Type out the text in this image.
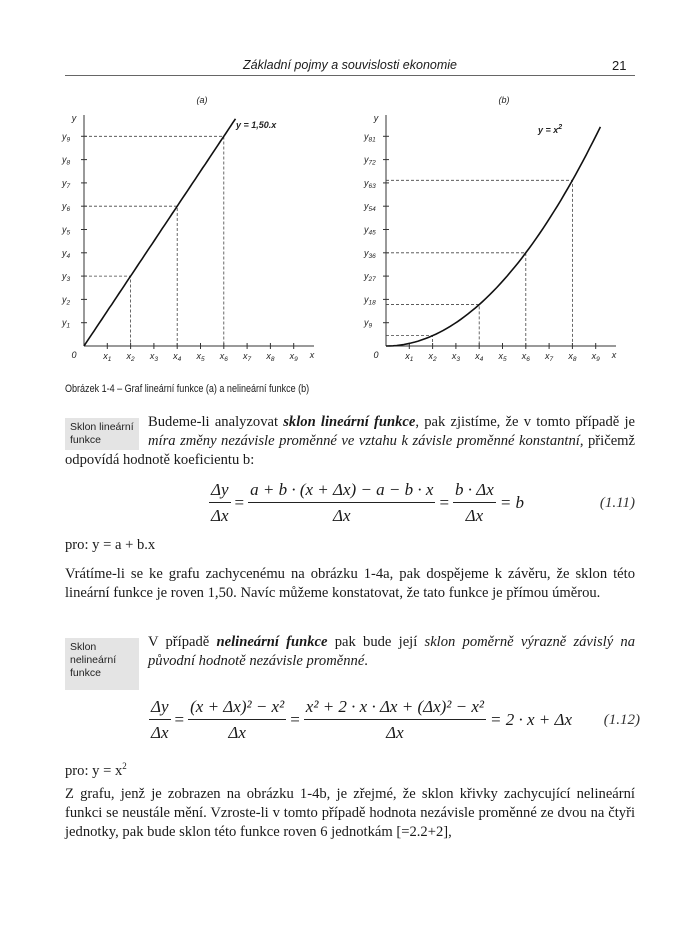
Základní pojmy a souvislosti ekonomie	21
(a)
y
x
0	$x_1$ $x_2$ $x_3$ $x_4$ $x_5$ $x_6$ $x_7$ $x_8$ $x_9$
$y_1$
$y_2$
$y_3$
$y_4$
$y_5$
$y_6$
$y_7$
$y_8$
$y_9$
y = 1,50.x
(b)
y
x
0	$x_1$ $x_2$ $x_3$ $x_4$ $x_5$ $x_6$ $x_7$ $x_8$ $x_9$
$y_9$
$y_{18}$
$y_{27}$
$y_{36}$
$y_{45}$
$y_{54}$
$y_{63}$
$y_{72}$
$y_{81}$
$y = x^2$
Obrázek 1-4 – Graf lineární funkce (a) a nelineární funkce (b)
Sklon lineární funkce
Budeme-li analyzovat sklon lineární funkce, pak zjistíme, že v tomto případě je míra změny nezávisle proměnné ve vztahu k závisle proměnné konstantní, přičemž odpovídá hodnotě koeficientu b:
$\frac{\Delta y}{\Delta x} = \frac{a + b \cdot (x + \Delta x) - a - b \cdot x}{\Delta x} = \frac{b \cdot \Delta x}{\Delta x} = b$	(1.11)
pro: y = a + b.x
Vrátíme-li se ke grafu zachycenému na obrázku 1-4a, pak dospějeme k závěru, že sklon této lineární funkce je roven 1,50. Navíc můžeme konstatovat, že tato funkce je přímou úměrou.
Sklon nelineární funkce
V případě nelineární funkce pak bude její sklon poměrně výrazně závislý na původní hodnotě nezávisle proměnné.
$\frac{\Delta y}{\Delta x} = \frac{\text{(x + Δx)² − x²}}{\Delta x} = \frac{\text{x² + 2 · x · Δx + (Δx)² − x²}}{\Delta x} = 2 \cdot x + \Delta x$ (1.12)
pro: $y = x^2$
Z grafu, jenž je zobrazen na obrázku 1-4b, je zřejmé, že sklon křivky zachycující nelineární funkci se neustále mění. Vzroste-li v tomto případě hodnota nezávisle proměnné ze dvou na čtyři jednotky, pak bude sklon této funkce roven 6 jednotkám [=2.2+2],
